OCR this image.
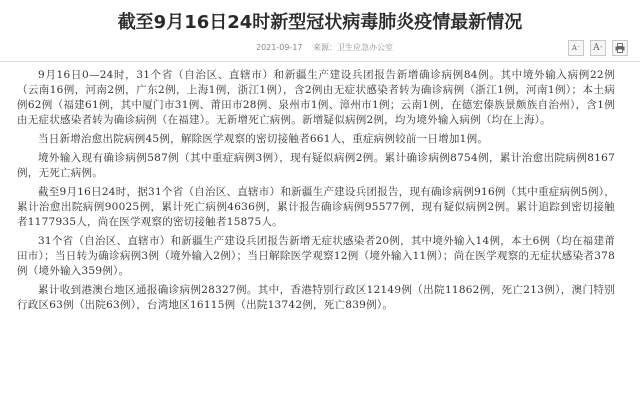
截至9月16日24时新型冠状病毒肺炎疫情最新情况
2021-09-17 来源：卫生应急办公室	A⁻	A⁺

9月16日0—24时，31个省（自治区、直辖市）和新疆生产建设兵团报告新增确诊病例84例。其中境外输入病例22例（云南16例，河南2例，广东2例，上海1例，浙江1例），含2例由无症状感染者转为确诊病例（浙江1例，河南1例）；本土病例62例（福建61例，其中厦门市31例、莆田市28例、泉州市1例、漳州市1例；云南1例，在德宏傣族景颇族自治州），含1例由无症状感染者转为确诊病例（在福建）。无新增死亡病例。新增疑似病例2例，均为境外输入病例（均在上海）。

当日新增治愈出院病例45例，解除医学观察的密切接触者661人，重症病例较前一日增加1例。

境外输入现有确诊病例587例（其中重症病例3例），现有疑似病例2例。累计确诊病例8754例，累计治愈出院病例8167例，无死亡病例。

截至9月16日24时，据31个省（自治区、直辖市）和新疆生产建设兵团报告，现有确诊病例916例（其中重症病例5例），累计治愈出院病例90025例，累计死亡病例4636例，累计报告确诊病例95577例，现有疑似病例2例。累计追踪到密切接触者1177935人，尚在医学观察的密切接触者15875人。

31个省（自治区、直辖市）和新疆生产建设兵团报告新增无症状感染者20例，其中境外输入14例，本土6例（均在福建莆田市）；当日转为确诊病例3例（境外输入2例）；当日解除医学观察12例（境外输入11例）；尚在医学观察的无症状感染者378例（境外输入359例）。

累计收到港澳台地区通报确诊病例28327例。其中，香港特别行政区12149例（出院11862例，死亡213例），澳门特别行政区63例（出院63例），台湾地区16115例（出院13742例，死亡839例）。
